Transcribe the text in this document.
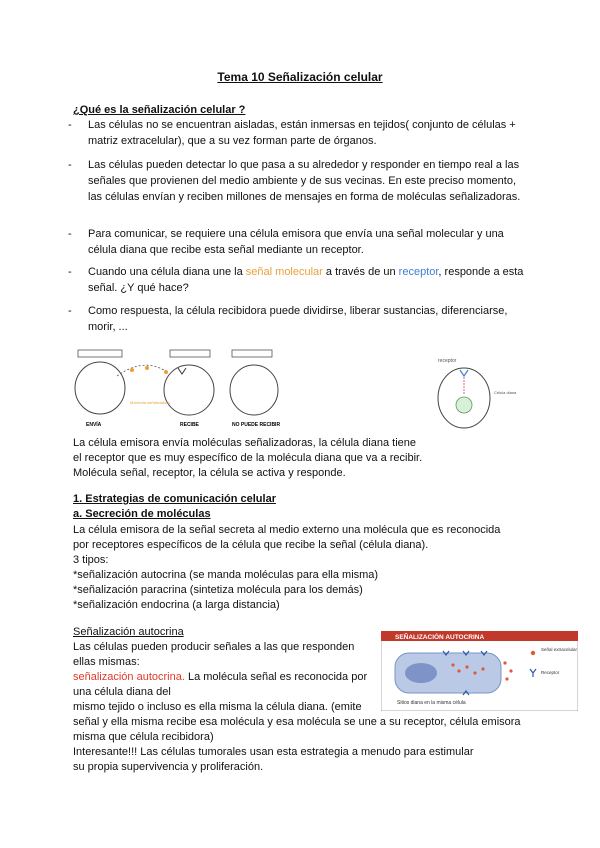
Tema 10 Señalización celular
¿Qué es la señalización celular ?
- Las células no se encuentran aisladas, están inmersas en tejidos( conjunto de células + matriz extracelular), que a su vez forman parte de órganos.
- Las células pueden detectar lo que pasa a su alrededor y responder en tiempo real a las señales que provienen del medio ambiente y de sus vecinas. En este preciso momento, las células envían y reciben millones de mensajes en forma de moléculas señalizadoras.
- Para comunicar, se requiere una célula emisora que envía una señal molecular y una célula diana que recibe esta señal mediante un receptor.
- Cuando una célula diana une la señal molecular a través de un receptor, responde a esta señal. ¿Y qué hace?
- Como respuesta, la célula recibidora puede dividirse, liberar sustancias, diferenciarse, morir, ...
ENVÍA	RECIBE	NO PUEDE RECIBIR
Molécula señalizadora
receptor
Célula diana
La célula emisora envía moléculas señalizadoras, la célula diana tiene
el receptor que es muy específico de la molécula diana que va a recibir.
Molécula señal, receptor, la célula se activa y responde.
1. Estrategias de comunicación celular
a. Secreción de moléculas
La célula emisora de la señal secreta al medio externo una molécula que es reconocida
por receptores específicos de la célula que recibe la señal (célula diana).
3 tipos:
*señalización autocrina (se manda moléculas para ella misma)
*señalización paracrina (sintetiza molécula para los demás)
*señalización endocrina (a larga distancia)
Señalización autocrina
Las células pueden producir señales a las que responden
ellas mismas:
señalización autocrina. La molécula señal es reconocida por
una célula diana del
mismo tejido o incluso es ella misma la célula diana. (emite
señal y ella misma recibe esa molécula y esa molécula se une a su receptor, célula emisora
misma que célula recibidora)
Interesante!!! Las células tumorales usan esta estrategia a menudo para estimular
su propia supervivencia y proliferación.
SEÑALIZACIÓN AUTOCRINA
Señal extracelular
Receptor
Sitios diana en la misma célula
